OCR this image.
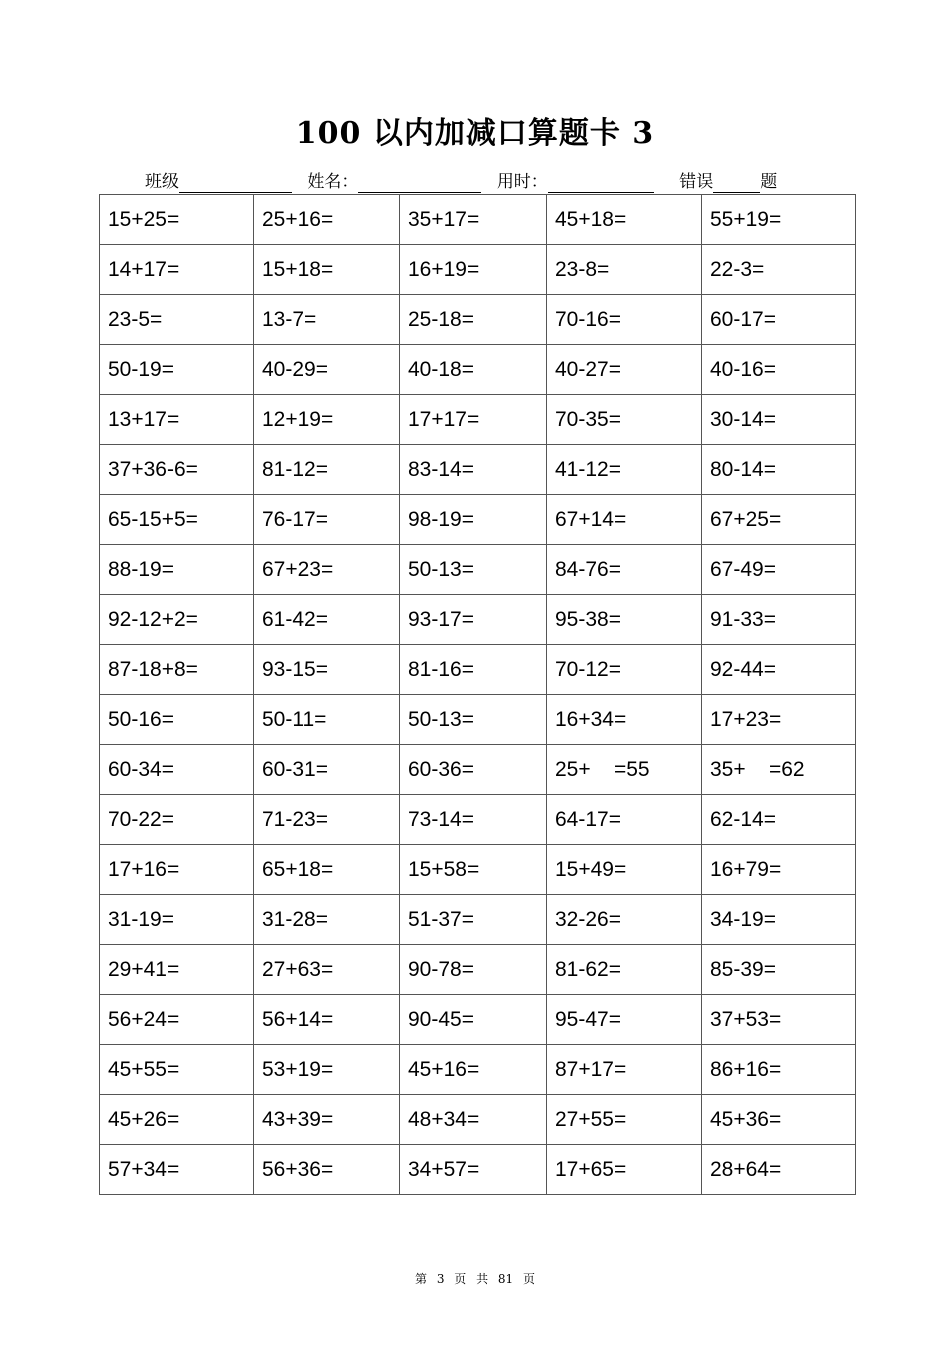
100 以内加减口算题卡 3
班级	姓名：	用时：	错误	题
15+25=	25+16=	35+17=	45+18=	55+19=
14+17=	15+18=	16+19=	23-8=	22-3=
23-5=	13-7=	25-18=	70-16=	60-17=
50-19=	40-29=	40-18=	40-27=	40-16=
13+17=	12+19=	17+17=	70-35=	30-14=
37+36-6=	81-12=	83-14=	41-12=	80-14=
65-15+5=	76-17=	98-19=	67+14=	67+25=
88-19=	67+23=	50-13=	84-76=	67-49=
92-12+2=	61-42=	93-17=	95-38=	91-33=
87-18+8=	93-15=	81-16=	70-12=	92-44=
50-16=	50-11=	50-13=	16+34=	17+23=
60-34=	60-31=	60-36=	25+    =55	35+    =62
70-22=	71-23=	73-14=	64-17=	62-14=
17+16=	65+18=	15+58=	15+49=	16+79=
31-19=	31-28=	51-37=	32-26=	34-19=
29+41=	27+63=	90-78=	81-62=	85-39=
56+24=	56+14=	90-45=	95-47=	37+53=
45+55=	53+19=	45+16=	87+17=	86+16=
45+26=	43+39=	48+34=	27+55=	45+36=
57+34=	56+36=	34+57=	17+65=	28+64=
第 3 页 共 81 页
